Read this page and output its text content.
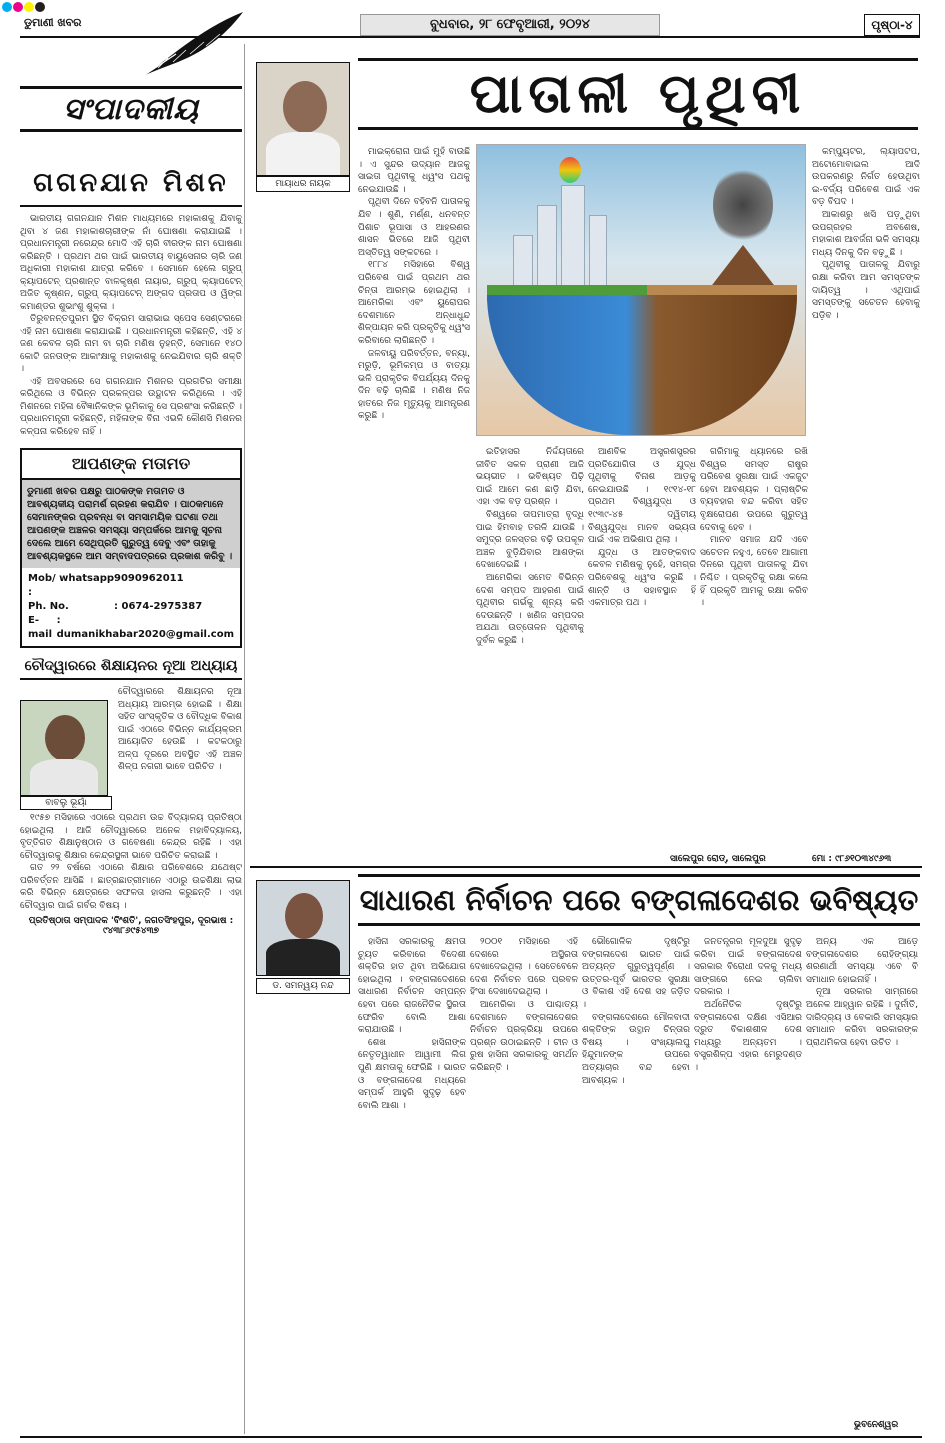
ଡୁମାଣୀ ଖବର	ବୁଧବାର, ୨୮ ଫେବୃଆରୀ, ୨୦୨୪	ପୃଷ୍ଠା-୪
ସଂପାଦକୀୟ
ଗଗନଯାନ ମିଶନ

ଭାରତୀୟ ଗଗନଯାନ ମିଶନ ମାଧ୍ୟମରେ ମହାକାଶକୁ ଯିବାକୁ ଥିବା ୪ ଜଣ ମହାକାଶଚାରୀଙ୍କ ନାଁ ଘୋଷଣା କରାଯାଇଛି । ପ୍ରଧାନମନ୍ତ୍ରୀ ନରେନ୍ଦ୍ର ମୋଦି ଏହି ଚାରି ବୀରଙ୍କ ନାମ ଘୋଷଣା କରିଛନ୍ତି । ପ୍ରଥମ ଥର ପାଇଁ ଭାରତୀୟ ବାୟୁସେନାର ଚାରି ଜଣ ଅଧିକାରୀ ମହାକାଶ ଯାତ୍ରା କରିବେ । ସେମାନେ ହେଲେ ଗ୍ରୁପ୍ କ୍ୟାପଟେନ୍ ପ୍ରଶାନ୍ତ ବାଳକୃଷ୍ଣ ନାୟାର, ଗ୍ରୁପ୍ କ୍ୟାପଟେନ୍ ଅଜିତ କୃଷ୍ଣନ, ଗ୍ରୁପ୍ କ୍ୟାପଟେନ୍ ଅଙ୍ଗଦ ପ୍ରତାପ ଓ ୱିଙ୍ଗ କମାଣ୍ଡର ଶୁଭାଂଶୁ ଶୁକ୍ଳା ।

ତିରୁବନନ୍ତପୁରମ ସ୍ଥିତ ବିକ୍ରମ ସାରାଭାଇ ସ୍ପେସ ସେଣ୍ଟରରେ ଏହି ନାମ ଘୋଷଣା କରାଯାଇଛି । ପ୍ରଧାନମନ୍ତ୍ରୀ କହିଛନ୍ତି, ଏହି ୪ ଜଣ କେବଳ ଚାରି ନାମ ବା ଚାରି ମଣିଷ ନୁହନ୍ତି, ସେମାନେ ୧୪୦ କୋଟି ଜନତାଙ୍କ ଆକାଂକ୍ଷାକୁ ମହାକାଶକୁ ନେଇଯିବାର ଚାରି ଶକ୍ତି ।

ଏହି ଅବସରରେ ସେ ଗଗନଯାନ ମିଶନର ପ୍ରଗତିର ସମୀକ୍ଷା କରିଥିଲେ ଓ ବିଭିନ୍ନ ପ୍ରକଳ୍ପର ଉଦ୍ଘାଟନ କରିଥିଲେ । ଏହି ମିଶନରେ ମହିଳା ବୈଜ୍ଞାନିକଙ୍କ ଭୂମିକାକୁ ସେ ପ୍ରଶଂସା କରିଛନ୍ତି । ପ୍ରଧାନମନ୍ତ୍ରୀ କହିଛନ୍ତି, ମହିଳାଙ୍କ ବିନା ଏଭଳି କୌଣସି ମିଶନର କଳ୍ପନା କରିହେବ ନାହିଁ ।

ଆପଣଙ୍କ ମତାମତ
ଡୁମାଣୀ ଖବର ପକ୍ଷରୁ ପାଠକଙ୍କ ମତାମତ ଓ ଆବଶ୍ୟକୀୟ ପରାମର୍ଶ ଗ୍ରହଣ କରାଯିବ । ପାଠକମାନେ ସେମାନଙ୍କର ପ୍ରବନ୍ଧ ବା ସମସାମୟିକ ଘଟଣା ତଥା ଆପଣଙ୍କ ଅଞ୍ଚଳର ସମସ୍ୟା ସମ୍ପର୍କରେ ଆମକୁ ସୂଚନା ଦେଲେ ଆମେ ସେଥିପ୍ରତି ଗୁରୁତ୍ୱ ଦେବୁ ଏବଂ ତାହାକୁ ଆବଶ୍ୟକସ୍ଥଳେ ଆମ ସମ୍ବାଦପତ୍ରରେ ପ୍ରକାଶ କରିବୁ ।
Mob/ whatsapp :
9090962011
Ph. No.	: 0674-2975387
E-mail
: dumanikhabar2020@gmail.com
ଚୌଦ୍ୱାରରେ ଶିକ୍ଷାୟନର ନୂଆ ଅଧ୍ୟାୟ
ବାବଲୁ ଭୂୟାଁ
ଚୌଦ୍ୱାରରେ ଶିକ୍ଷାୟନର ନୂଆ ଅଧ୍ୟାୟ ଆରମ୍ଭ ହୋଇଛି । ଶିକ୍ଷା ସହିତ ସାଂସ୍କୃତିକ ଓ ବୌଦ୍ଧିକ ବିକାଶ ପାଇଁ ଏଠାରେ ବିଭିନ୍ନ କାର୍ଯ୍ୟକ୍ରମ ଆୟୋଜିତ ହେଉଛି । କଟକଠାରୁ ଅଳ୍ପ ଦୂରରେ ଅବସ୍ଥିତ ଏହି ଅଞ୍ଚଳ ଶିଳ୍ପ ନଗରୀ ଭାବେ ପରିଚିତ ।

୧୯୫୭ ମସିହାରେ ଏଠାରେ ପ୍ରଥମ ଉଚ୍ଚ ବିଦ୍ୟାଳୟ ପ୍ରତିଷ୍ଠା ହୋଇଥିଲା । ଆଜି ଚୌଦ୍ୱାରରେ ଅନେକ ମହାବିଦ୍ୟାଳୟ, ବୃତ୍ତିଗତ ଶିକ୍ଷାନୁଷ୍ଠାନ ଓ ଗବେଷଣା କେନ୍ଦ୍ର ରହିଛି । ଏହା ଚୌଦ୍ୱାରକୁ ଶିକ୍ଷାର କେନ୍ଦ୍ରସ୍ଥଳୀ ଭାବେ ପରିଚିତ କରାଇଛି ।

ଗତ ୨୨ ବର୍ଷରେ ଏଠାରେ ଶିକ୍ଷାର ପରିବେଶରେ ଯଥେଷ୍ଟ ପରିବର୍ତ୍ତନ ଆସିଛି । ଛାତ୍ରଛାତ୍ରୀମାନେ ଏଠାରୁ ଉଚ୍ଚଶିକ୍ଷା ଲାଭ କରି ବିଭିନ୍ନ କ୍ଷେତ୍ରରେ ସଫଳତା ହାସଲ କରୁଛନ୍ତି । ଏହା ଚୌଦ୍ୱାର ପାଇଁ ଗର୍ବର ବିଷୟ ।

ପ୍ରତିଷ୍ଠାତା ସମ୍ପାଦକ 'ବିଂଶତି', ଜଗତସିଂହପୁର, ଦୂରଭାଷ : ୯୪୩୮୬୯୫୪୩୭
ମାୟାଧର ନାୟକ
ପାତାଳୀ ପୃଥିବୀ

ମାଇକ୍ରୋନା ପାଇଁ ମୁହଁ ବାଉଛି । ଏ ସୁନ୍ଦର ଉଦ୍ୟାନ ଆଜକୁ ସାଇତା ପୃଥିବୀକୁ ଧ୍ୱଂସ ପଥକୁ ନେଇଯାଉଛି ।

ପୃଥିବୀ ଦିନେ ବହିବନି ପାତାଳକୁ ଯିବ । ଶୁଣି, ମର୍ଣ୍ଣ, ଧନବନ୍ତ ପିଶାଚ ଭୂପାସା ଓ ଆହରଣର ଶାସନ ଭିତରେ ଆଜି ପୃଥିବୀ ଅସ୍ତିତ୍ୱ ସଙ୍କଟରେ ।

୧୮୮୪ ମସିହାରେ ବିଶ୍ୱ ପରିବେଶ ପାଇଁ ପ୍ରଥମ ଥର ଚିନ୍ତା ଆରମ୍ଭ ହୋଇଥିଲା । ଆମେରିକା ଏବଂ ୟୁରୋପର ଦେଶମାନେ ଅନ୍ଧାଧୁନ୍ଦ ଶିଳ୍ପାୟନ କରି ପ୍ରକୃତିକୁ ଧ୍ୱଂସ କରିବାରେ ଲାଗିଛନ୍ତି ।

ଜଳବାୟୁ ପରିବର୍ତ୍ତନ, ବନ୍ୟା, ମରୁଡ଼ି, ଭୂମିକମ୍ପ ଓ ବାତ୍ୟା ଭଳି ପ୍ରାକୃତିକ ବିପର୍ଯ୍ୟୟ ଦିନକୁ ଦିନ ବଢ଼ି ଚାଲିଛି । ମଣିଷ ନିଜ ହାତରେ ନିଜ ମୃତ୍ୟୁକୁ ଆମନ୍ତ୍ରଣ କରୁଛି ।

ଇତିହାସର ନିର୍ଦ୍ଦୟତାରେ ଜୀବିତ ସକଳ ପ୍ରାଣୀ ଆଜି ଭୟଭୀତ । ଭବିଷ୍ୟତ ପିଢ଼ି ପାଇଁ ଆମେ କଣ ଛାଡ଼ି ଯିବା, ଏହା ଏକ ବଡ଼ ପ୍ରଶ୍ନ ।

ବିଶ୍ୱରେ ତାପମାତ୍ରା ବୃଦ୍ଧି ପାଇ ହିମବାହ ତରଳି ଯାଉଛି । ସମୁଦ୍ର ଜଳସ୍ତର ବଢ଼ି ଉପକୂଳ ଅଞ୍ଚଳ ବୁଡ଼ିଯିବାର ଆଶଙ୍କା ଦେଖାଦେଇଛି ।

ଆମେରିକା ସମେତ ବିଭିନ୍ନ ଦେଶ ସମ୍ପଦ ଆହରଣ ପାଇଁ ପୃଥିବୀର ଗର୍ଭକୁ ଶୂନ୍ୟ କରି ଦେଉଛନ୍ତି । ଖଣିଜ ସମ୍ପଦର ଅଯଥା ଉତ୍ତୋଳନ ପୃଥିବୀକୁ ଦୁର୍ବଳ କରୁଛି ।

ଆଣବିକ ଅସ୍ତ୍ରଶସ୍ତ୍ରର ପ୍ରତିଯୋଗିତା ଓ ଯୁଦ୍ଧ ପୃଥିବୀକୁ ବିନାଶ ଆଡ଼କୁ ନେଇଯାଉଛି । ୧୯୧୪-୧୮ ପ୍ରଥମ ବିଶ୍ୱଯୁଦ୍ଧ ଓ ୧୯୩୯-୪୫ ଦ୍ୱିତୀୟ ବିଶ୍ୱଯୁଦ୍ଧ ମାନବ ସଭ୍ୟତା ପାଇଁ ଏକ ଅଭିଶାପ ଥିଲା ।

ଯୁଦ୍ଧ ଓ ଆତଙ୍କବାଦ କେବଳ ମଣିଷକୁ ନୁହେଁ, ସମଗ୍ର ପରିବେଶକୁ ଧ୍ୱଂସ କରୁଛି । ଶାନ୍ତି ଓ ସହାବସ୍ଥାନ ହିଁ ଏକମାତ୍ର ପଥ ।

ଗରିମାକୁ ଧ୍ୟାନରେ ରଖି ବିଶ୍ୱର ସମସ୍ତ ରାଷ୍ଟ୍ର ପରିବେଶ ସୁରକ୍ଷା ପାଇଁ ଏକଜୁଟ ହେବା ଆବଶ୍ୟକ । ପ୍ଲାଷ୍ଟିକ ବ୍ୟବହାର ବନ୍ଦ କରିବା ସହିତ ବୃକ୍ଷରୋପଣ ଉପରେ ଗୁରୁତ୍ୱ ଦେବାକୁ ହେବ ।

ମାନବ ସମାଜ ଯଦି ଏବେ ସଚେତନ ନହୁଏ, ତେବେ ଆଗାମୀ ଦିନରେ ପୃଥିବୀ ପାତାଳକୁ ଯିବା ନିଶ୍ଚିତ । ପ୍ରକୃତିକୁ ରକ୍ଷା କଲେ ହିଁ ପ୍ରକୃତି ଆମକୁ ରକ୍ଷା କରିବ ।

କମ୍ପ୍ୟୁଟର, ଲ୍ୟାପଟପ, ଅଟୋମୋବାଇଲ ଆଦି ଉପକରଣରୁ ନିର୍ଗତ ହେଉଥିବା ଇ-ବର୍ଜ୍ୟ ପରିବେଶ ପାଇଁ ଏକ ବଡ଼ ବିପଦ ।

ଆକାଶରୁ ଖସି ପଡ଼ୁଥିବା ଉପଗ୍ରହର ଅବଶେଷ, ମହାକାଶ ଆବର୍ଜନା ଭଳି ସମସ୍ୟା ମଧ୍ୟ ଦିନକୁ ଦିନ ବଢ଼ୁଛି ।

ପୃଥିବୀକୁ ପାତାଳକୁ ଯିବାରୁ ରକ୍ଷା କରିବା ଆମ ସମସ୍ତଙ୍କ ଦାୟିତ୍ୱ । ଏଥିପାଇଁ ସମସ୍ତଙ୍କୁ ସଚେତନ ହେବାକୁ ପଡ଼ିବ ।

ସାଲେପୁର ରୋଡ୍, ସାଲେପୁର	ମୋ : ୯୮୬୧୦୩୪୯୬୩
ଡ. ସମନ୍ୱୟ ନନ୍ଦ
ସାଧାରଣ ନିର୍ବାଚନ ପରେ ବଙ୍ଗଳାଦେଶର ଭବିଷ୍ୟତ

ହାସିନା ସରକାରକୁ କ୍ଷମତା ଚ୍ୟୁତ କରିବାରେ ବିଦେଶୀ ଶକ୍ତିର ହାତ ଥିବା ଅଭିଯୋଗ ହୋଇଥିଲା । ବଙ୍ଗଳାଦେଶରେ ସାଧାରଣ ନିର୍ବାଚନ ସମ୍ପନ୍ନ ହେବା ପରେ ରାଜନୈତିକ ସ୍ଥିରତା ଫେରିବ ବୋଲି ଆଶା କରାଯାଉଛି ।

ଶେଖ ହାସିନାଙ୍କ ନେତୃତ୍ୱାଧୀନ ଆୱାମୀ ଲିଗ ପୁଣି କ୍ଷମତାକୁ ଫେରିଛି । ଭାରତ ଓ ବଙ୍ଗଳାଦେଶ ମଧ୍ୟରେ ସମ୍ପର୍କ ଆହୁରି ସୁଦୃଢ଼ ହେବ ବୋଲି ଆଶା ।

୨୦୦୧ ମସିହାରେ ଏହି ଦେଶରେ ଅସ୍ଥିରତା ଦେଖାଦେଇଥିଲା । ସେତେବେଳେ ଦେଶ ନିର୍ବାଚନ ପରେ ପ୍ରବଳ ହିଂସା ଦେଖାଦେଇଥିଲା ।

ଆମେରିକା ଓ ପାଶ୍ଚାତ୍ୟ ଦେଶମାନେ ବଙ୍ଗଳାଦେଶର ନିର୍ବାଚନ ପ୍ରକ୍ରିୟା ଉପରେ ପ୍ରଶ୍ନ ଉଠାଇଛନ୍ତି । ଚୀନ ଓ ରୁଷ ହାସିନା ସରକାରକୁ ସମର୍ଥନ କରିଛନ୍ତି ।

ଭୌଗୋଳିକ ଦୃଷ୍ଟିରୁ ବଙ୍ଗଳାଦେଶ ଭାରତ ପାଇଁ ଅତ୍ୟନ୍ତ ଗୁରୁତ୍ୱପୂର୍ଣ୍ଣ । ଉତ୍ତର-ପୂର୍ବ ଭାରତର ସୁରକ୍ଷା ଓ ବିକାଶ ଏହି ଦେଶ ସହ ଜଡ଼ିତ ।

ବଙ୍ଗଳାଦେଶରେ ମୌଳବାଦୀ ଶକ୍ତିଙ୍କ ଉତ୍ଥାନ ଚିନ୍ତାର ବିଷୟ । ସଂଖ୍ୟାଲଘୁ ହିନ୍ଦୁମାନଙ୍କ ଉପରେ ଅତ୍ୟାଚାର ବନ୍ଦ ହେବା ଆବଶ୍ୟକ ।

ଜନତନ୍ତ୍ରର ମୂଳଦୁଆ ସୁଦୃଢ଼ କରିବା ପାଇଁ ବଙ୍ଗଳାଦେଶ ସରକାର ବିରୋଧୀ ଦଳକୁ ମଧ୍ୟ ସାଙ୍ଗରେ ନେଇ ଚାଲିବା ଦରକାର ।

ଅର୍ଥନୈତିକ ଦୃଷ୍ଟିରୁ ବଙ୍ଗଳାଦେଶ ଦକ୍ଷିଣ ଏସିଆର ଦ୍ରୁତ ବିକାଶଶୀଳ ଦେଶ ମଧ୍ୟରୁ ଅନ୍ୟତମ । ବସ୍ତ୍ରଶିଳ୍ପ ଏହାର ମେରୁଦଣ୍ଡ ।

ଅନ୍ୟ ଏକ ଆଡ଼େ ବଙ୍ଗଳାଦେଶର ରୋହିଙ୍ଗ୍ୟା ଶରଣାର୍ଥୀ ସମସ୍ୟା ଏବେ ବି ସମାଧାନ ହୋଇନାହିଁ ।

ନୂଆ ସରକାର ସାମ୍ନାରେ ଅନେକ ଆହ୍ୱାନ ରହିଛି । ଦୁର୍ନୀତି, ଦାରିଦ୍ର୍ୟ ଓ ବେକାରି ସମସ୍ୟାର ସମାଧାନ କରିବା ସରକାରଙ୍କ ପ୍ରାଥମିକତା ହେବା ଉଚିତ ।

ଭୁବନେଶ୍ୱର
